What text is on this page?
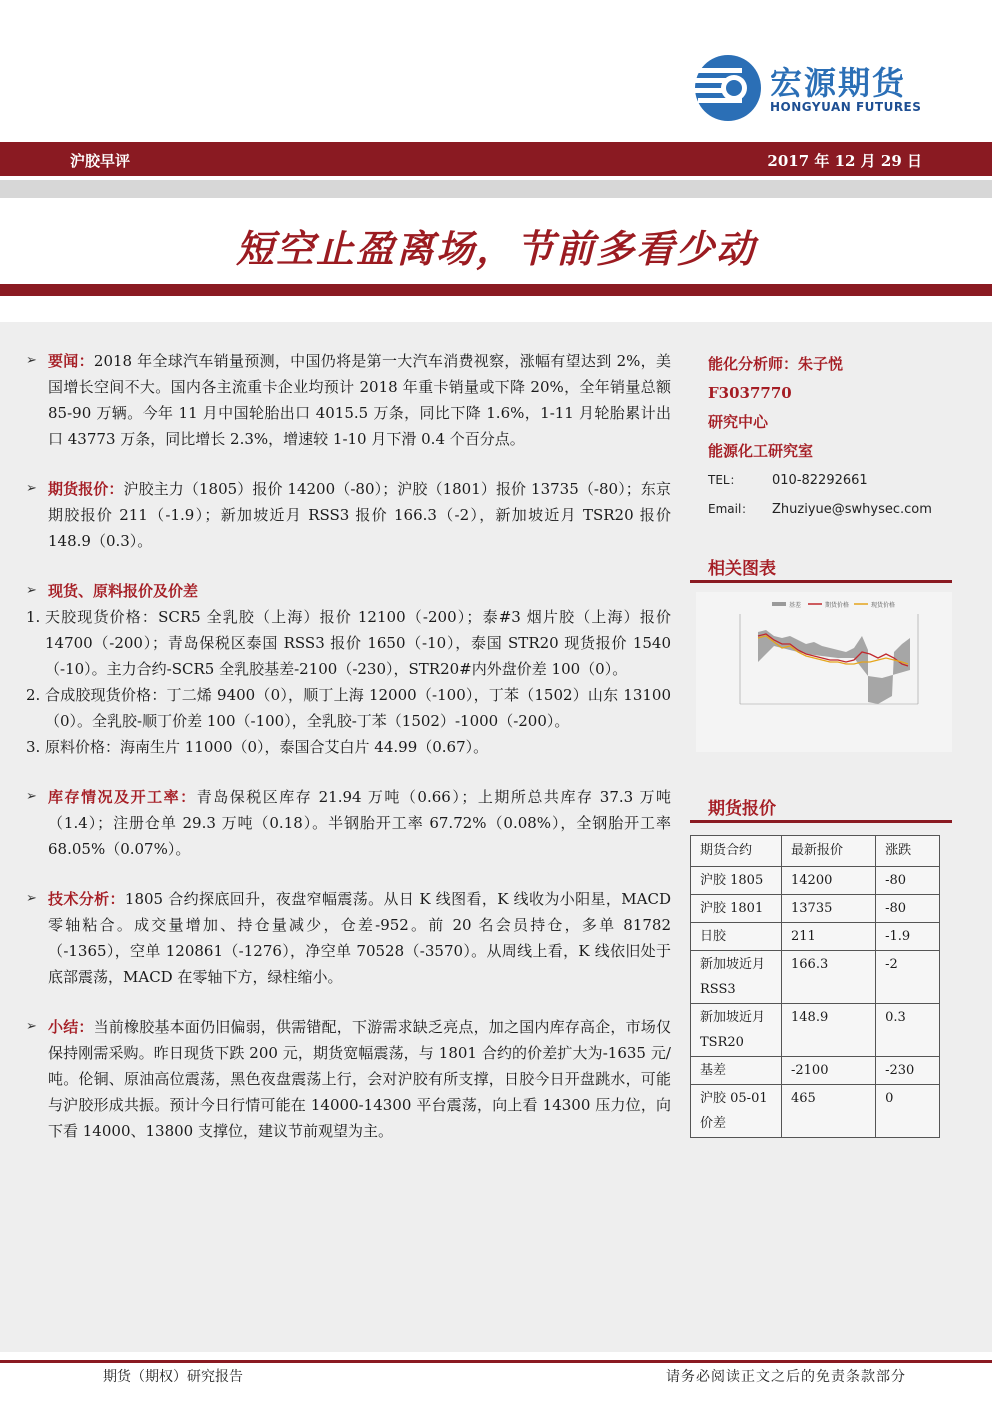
宏源期货
HONGYUAN FUTURES
沪胶早评	2017 年 12 月 29 日
短空止盈离场，节前多看少动
➢ 要闻：2018 年全球汽车销量预测，中国仍将是第一大汽车消费视察，涨幅有望达到 2%，美国增长空间不大。国内各主流重卡企业均预计 2018 年重卡销量或下降 20%，全年销量总额 85-90 万辆。今年 11 月中国轮胎出口 4015.5 万条，同比下降 1.6%，1-11 月轮胎累计出口 43773 万条，同比增长 2.3%，增速较 1-10 月下滑 0.4 个百分点。
➢ 期货报价：沪胶主力（1805）报价 14200（-80）；沪胶（1801）报价 13735（-80）；东京期胶报价 211（-1.9）；新加坡近月 RSS3 报价 166.3（-2），新加坡近月 TSR20 报价 148.9（0.3）。
➢ 现货、原料报价及价差
1. 天胶现货价格：SCR5 全乳胶（上海）报价 12100（-200）；泰#3 烟片胶（上海）报价 14700（-200）；青岛保税区泰国 RSS3 报价 1650（-10），泰国 STR20 现货报价 1540（-10）。主力合约-SCR5 全乳胶基差-2100（-230），STR20#内外盘价差 100（0）。
2. 合成胶现货价格：丁二烯 9400（0），顺丁上海 12000（-100），丁苯（1502）山东 13100（0）。全乳胶-顺丁价差 100（-100），全乳胶-丁苯（1502）-1000（-200）。
3. 原料价格：海南生片 11000（0），泰国合艾白片 44.99（0.67）。
➢ 库存情况及开工率：青岛保税区库存 21.94 万吨（0.66）；上期所总共库存 37.3 万吨（1.4）；注册仓单 29.3 万吨（0.18）。半钢胎开工率 67.72%（0.08%），全钢胎开工率 68.05%（0.07%）。
➢ 技术分析：1805 合约探底回升，夜盘窄幅震荡。从日 K 线图看，K 线收为小阳星，MACD 零轴粘合。成交量增加、持仓量减少，仓差-952。前 20 名会员持仓，多单 81782（-1365），空单 120861（-1276），净空单 70528（-3570）。从周线上看，K 线依旧处于底部震荡，MACD 在零轴下方，绿柱缩小。
➢ 小结：当前橡胶基本面仍旧偏弱，供需错配，下游需求缺乏亮点，加之国内库存高企，市场仅保持刚需采购。昨日现货下跌 200 元，期货宽幅震荡，与 1801 合约的价差扩大为-1635 元/吨。伦铜、原油高位震荡，黑色夜盘震荡上行，会对沪胶有所支撑，日胶今日开盘跳水，可能与沪胶形成共振。预计今日行情可能在 14000-14300 平台震荡，向上看 14300 压力位，向下看 14000、13800 支撑位，建议节前观望为主。
能化分析师：朱子悦
F3037770
研究中心
能源化工研究室
TEL： 010-82292661
Email： Zhuziyue@swhysec.com
相关图表
基差	期货价格	现货价格
期货报价
期货合约	最新报价	涨跌
沪胶 1805	14200	-80
沪胶 1801	13735	-80
日胶	211	-1.9
新加坡近月 RSS3	166.3	-2
新加坡近月 TSR20	148.9	0.3
基差	-2100	-230
沪胶 05-01 价差	465	0
期货（期权）研究报告	请务必阅读正文之后的免责条款部分
